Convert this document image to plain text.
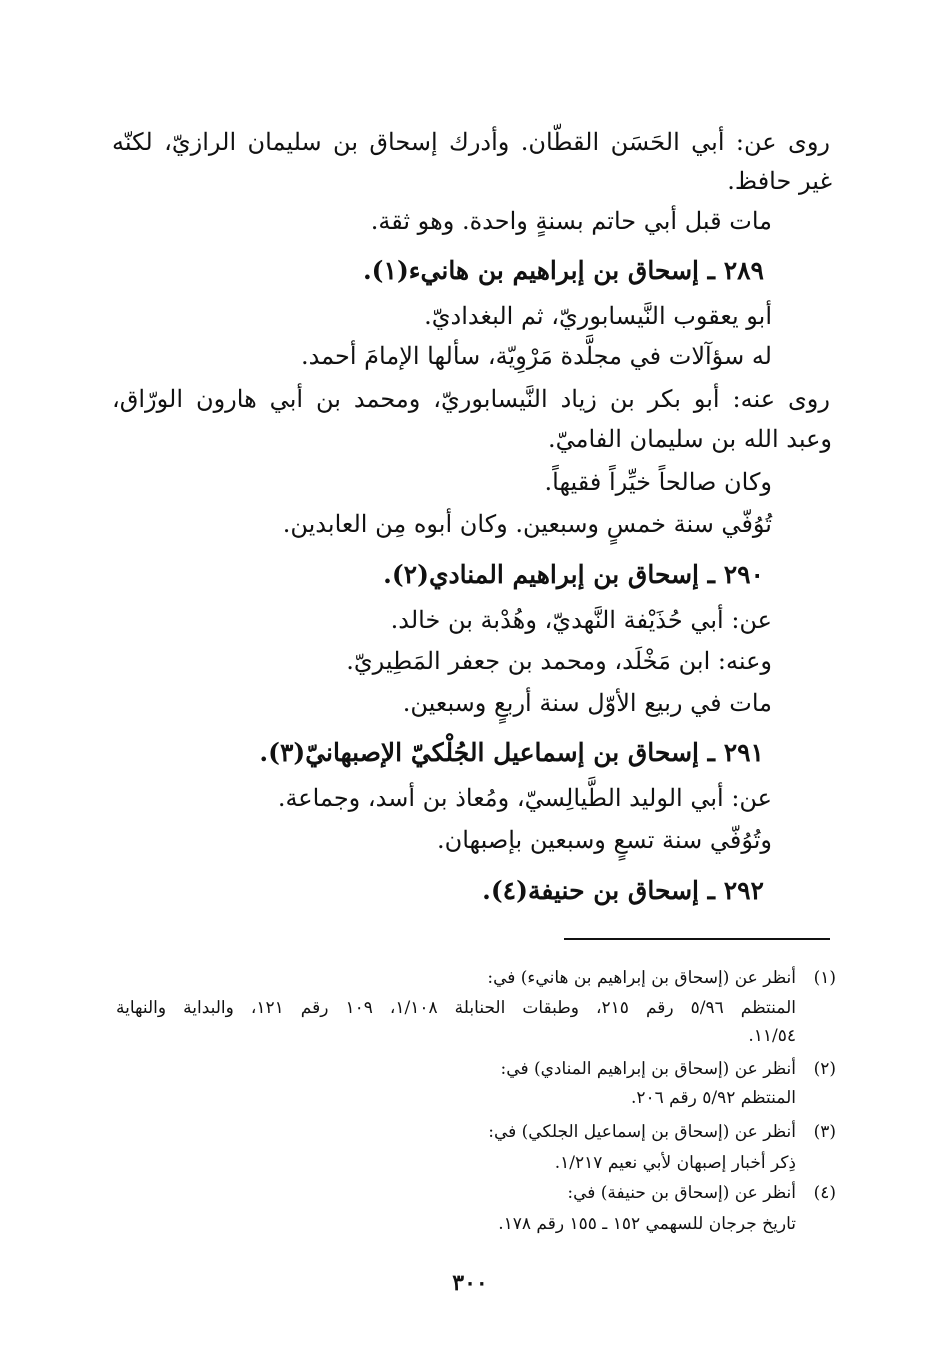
روى عن: أبي الحَسَن القطّان. وأدرك إسحاق بن سليمان الرازيّ، لكنّه
غير حافظ.
مات قبل أبي حاتم بسنةٍ واحدة. وهو ثقة.
٢٨٩ ـ إسحاق بن إبراهيم بن هانيء(١).
أبو يعقوب النَّيسابوريّ، ثم البغداديّ.
له سؤآلات في مجلَّدة مَرْوِيّة، سألها الإمامَ أحمد.
روى عنه: أبو بكر بن زياد النَّيسابوريّ، ومحمد بن أبي هارون الورّاق،
وعبد الله بن سليمان الفاميّ.
وكان صالحاً خيِّراً فقيهاً.
تُوُفّي سنة خمسٍ وسبعين. وكان أبوه مِن العابدين.
٢٩٠ ـ إسحاق بن إبراهيم المنادي(٢).
عن: أبي حُذَيْفة النَّهديّ، وهُدْبة بن خالد.
وعنه: ابن مَخْلَد، ومحمد بن جعفر المَطِيريّ.
مات في ربيع الأوّل سنة أربعٍ وسبعين.
٢٩١ ـ إسحاق بن إسماعيل الجُلْكيّ الإصبهانيّ(٣).
عن: أبي الوليد الطَّيالِسيّ، ومُعاذ بن أسد، وجماعة.
وتُوُفّي سنة تسعٍ وسبعين بإصبهان.
٢٩٢ ـ إسحاق بن حنيفة(٤).
(١)
أنظر عن (إسحاق بن إبراهيم بن هانيء) في:
المنتظم ٥/٩٦ رقم ٢١٥، وطبقات الحنابلة ١/١٠٨، ١٠٩ رقم ١٢١، والبداية والنهاية
١١/٥٤.
(٢)
أنظر عن (إسحاق بن إبراهيم المنادي) في:
المنتظم ٥/٩٢ رقم ٢٠٦.
(٣)
أنظر عن (إسحاق بن إسماعيل الجلكي) في:
ذِكر أخبار إصبهان لأبي نعيم ١/٢١٧.
(٤)
أنظر عن (إسحاق بن حنيفة) في:
تاريخ جرجان للسهمي ١٥٢ ـ ١٥٥ رقم ١٧٨.
٣٠٠
